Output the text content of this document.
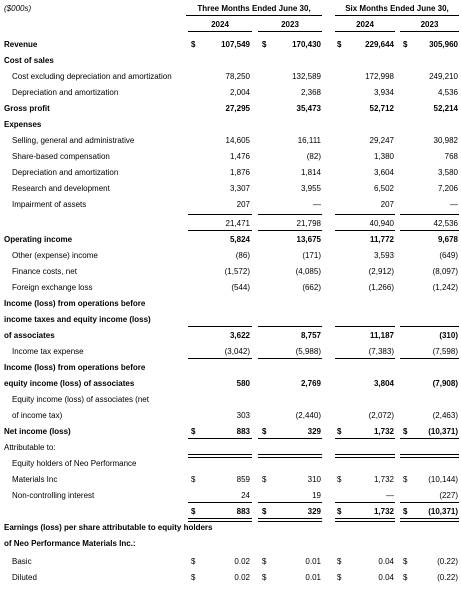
($000s)	Three Months Ended June 30,	Six Months Ended June 30,
2024	2023	2024	2023
Revenue	$	107,549 $	170,430 $	229,644 $	305,960
Cost of sales
Cost excluding depreciation and amortization	78,250	132,589	172,998	249,210
Depreciation and amortization	2,004	2,368	3,934	4,536
Gross profit	27,295	35,473	52,712	52,214
Expenses
Selling, general and administrative	14,605	16,111	29,247	30,982
Share-based compensation	1,476	(82)	1,380	768
Depreciation and amortization	1,876	1,814	3,604	3,580
Research and development	3,307	3,955	6,502	7,206
Impairment of assets	207	—	207	—
21,471	21,798	40,940	42,536
Operating income	5,824	13,675	11,772	9,678
Other (expense) income	(86)	(171)	3,593	(649)
Finance costs, net	(1,572)	(4,085)	(2,912)	(8,097)
Foreign exchange loss	(544)	(662)	(1,266)	(1,242)
Income (loss) from operations before
income taxes and equity income (loss)
of associates	3,622	8,757	11,187	(310)
Income tax expense	(3,042)	(5,988)	(7,383)	(7,598)
Income (loss) from operations before
equity income (loss) of associates	580	2,769	3,804	(7,908)
Equity income (loss) of associates (net
of income tax)	303	(2,440)	(2,072)	(2,463)
Net income (loss)	$	883 $	329 $	1,732 $	(10,371)
Attributable to:
Equity holders of Neo Performance
Materials Inc	$	859 $	310 $	1,732 $	(10,144)
Non-controlling interest	24	19	—	(227)
$	883 $	329 $	1,732 $	(10,371)
Earnings (loss) per share attributable to equity holders
of Neo Performance Materials Inc.:
Basic	$	0.02 $	0.01 $	0.04 $	(0.22)
Diluted	$	0.02 $	0.01 $	0.04 $	(0.22)
